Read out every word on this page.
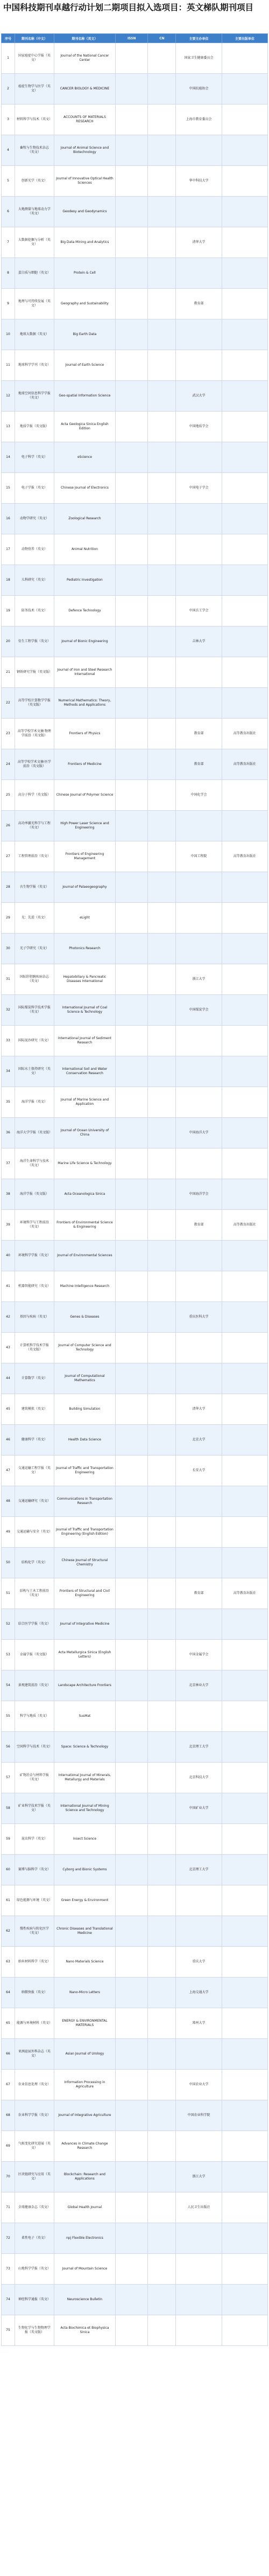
中国科技期刊卓越行动计划二期项目拟入选项目：英文梯队期刊项目
序号	期刊名称（中文）	期刊名称（英文）	ISSN	CN	主要主办单位	主要出版单位
1	国家癌症中心学报（英文）	Journal of the National Cancer Center			国家卫生健康委员会	
2	癌症生物学与医学（英文）	CANCER BIOLOGY & MEDICINE			中国抗癌协会	
3	材料科学与技术（英文）	ACCOUNTS OF MATERIALS RESEARCH			上海市教育委员会	
4	畜牧与生物技术杂志（英文）	Journal of Animal Science and Biotechnology				
5	创新光学（英文）	Journal of Innovative Optical Health Sciences			华中科技大学	
6	大地测量与地球动力学（英文）	Geodesy and Geodynamics				
7	大数据挖掘与分析（英文）	Big Data Mining and Analytics			清华大学	
8	蛋白质与细胞（英文）	Protein & Cell				
9	地理与可持续发展（英文）	Geography and Sustainability			教育部	
10	地球大数据（英文）	Big Earth Data				
11	地球科学学刊（英文）	Journal of Earth Science				
12	地球空间信息科学学报（英文）	Geo-spatial Information Science			武汉大学	
13	地质学报（英文版）	Acta Geologica Sinica English Edition			中国地质学会	
14	电子科学（英文）	eScience				
15	电子学报（英文）	Chinese Journal of Electronics			中国电子学会	
16	动物学研究（英文）	Zoological Research				
17	动物营养（英文）	Animal Nutrition				
18	儿科研究（英文）	Pediatric Investigation				
19	防务技术（英文）	Defence Technology			中国兵工学会	
20	仿生工程学报（英文）	Journal of Bionic Engineering			吉林大学	
21	钢铁研究学报（英文版）	Journal of Iron and Steel Research International				
22	高等学校计算数学学报（英文版）	Numerical Mathematics: Theory, Methods and Applications				
23	高等学校学术文摘·物理学前沿（英文版）	Frontiers of Physics			教育部	高等教育出版社
24	高等学校学术文摘·医学前沿（英文版）	Frontiers of Medicine			教育部	高等教育出版社
25	高分子科学（英文版）	Chinese Journal of Polymer Science			中国化学会	
26	高功率激光科学与工程（英文）	High Power Laser Science and Engineering				
27	工程管理前沿（英文）	Frontiers of Engineering Management			中国工程院	高等教育出版社
28	古生物学报（英文）	Journal of Palaeogeography				
29	光：先进（英文）	eLight				
30	光子学研究（英文）	Photonics Research				
31	国际肝胆胰疾病杂志（英文）	Hepatobiliary & Pancreatic Diseases International			浙江大学	
32	国际煤炭科学技术学报（英文）	International Journal of Coal Science & Technology			中国煤炭学会	
33	国际泥沙研究（英文）	International Journal of Sediment Research				
34	国际水土保持研究（英文）	International Soil and Water Conservation Research				
35	海洋学报（英文）	Journal of Marine Science and Application				
36	海洋大学学报（英文版）	Journal of Ocean University of China			中国海洋大学	
37	海洋生命科学与技术（英文）	Marine Life Science & Technology				
38	海洋学报（英文版）	Acta Oceanologica Sinica			中国海洋学会	
39	环境科学与工程前沿（英文）	Frontiers of Environmental Science & Engineering			教育部	高等教育出版社
40	环境科学学报（英文）	Journal of Environmental Sciences				
41	机器智能研究（英文）	Machine Intelligence Research				
42	基因与疾病（英文）	Genes & Diseases			重庆医科大学	
43	计算机科学技术学报（英文版）	Journal of Computer Science and Technology				
44	计算数学（英文）	Journal of Computational Mathematics				
45	建筑模拟（英文）	Building Simulation			清华大学	
46	健康科学（英文）	Health Data Science			北京大学	
47	交通运输工程学报（英文）	Journal of Traffic and Transportation Engineering			长安大学	
48	交通运输研究（英文）	Communications in Transportation Research				
49	交通运输与安全（英文）	Journal of Traffic and Transportation Engineering (English Edition)				
50	结构化学（英文）	Chinese Journal of Structural Chemistry				
51	结构与土木工程前沿（英文）	Frontiers of Structural and Civil Engineering			教育部	高等教育出版社
52	结合医学学报（英文）	Journal of Integrative Medicine				
53	金属学报（英文版）	Acta Metallurgica Sinica (English Letters)			中国金属学会	
54	景观建筑前沿（英文）	Landscape Architecture Frontiers			北京林业大学	
55	科学与地质（英文）	SusMat				
56	空间科学与技术（英文）	Space: Science & Technology			北京理工大学	
57	矿物冶金与材料学报（英文）	International Journal of Minerals, Metallurgy and Materials			北京科技大学	
58	矿业科学技术学报（英文）	International Journal of Mining Science and Technology			中国矿业大学	
59	昆虫科学（英文）	Insect Science				
60	赛博与脑科学（英文）	Cyborg and Bionic Systems			北京理工大学	
61	绿色能源与环境（英文）	Green Energy & Environment				
62	慢性疾病与转化医学（英文）	Chronic Diseases and Translational Medicine				
63	纳米材料科学（英文）	Nano Materials Science			重庆大学	
64	纳微快报（英文）	Nano-Micro Letters			上海交通大学	
65	能源与环境材料（英文）	ENERGY & ENVIRONMENTAL MATERIALS			郑州大学	
66	亚洲泌尿外科杂志（英文）	Asian Journal of Urology				
67	农业信息处理（英文）	Information Processing in Agriculture			中国农业大学	
68	农业科学学报（英文）	Journal of Integrative Agriculture			中国农业科学院	
69	气候变化研究进展（英文）	Advances in Climate Change Research				
70	区块链研究与应用（英文）	Blockchain: Research and Applications			浙江大学	
71	全球健康杂志（英文）	Global Health Journal			人民卫生出版社	
72	柔性电子（英文）	npj Flexible Electronics				
73	山地科学学报（英文）	Journal of Mountain Science				
74	神经科学通报（英文）	Neuroscience Bulletin				
75	生物化学与生物物理学报（英文版）	Acta Biochimica et Biophysica Sinica				
